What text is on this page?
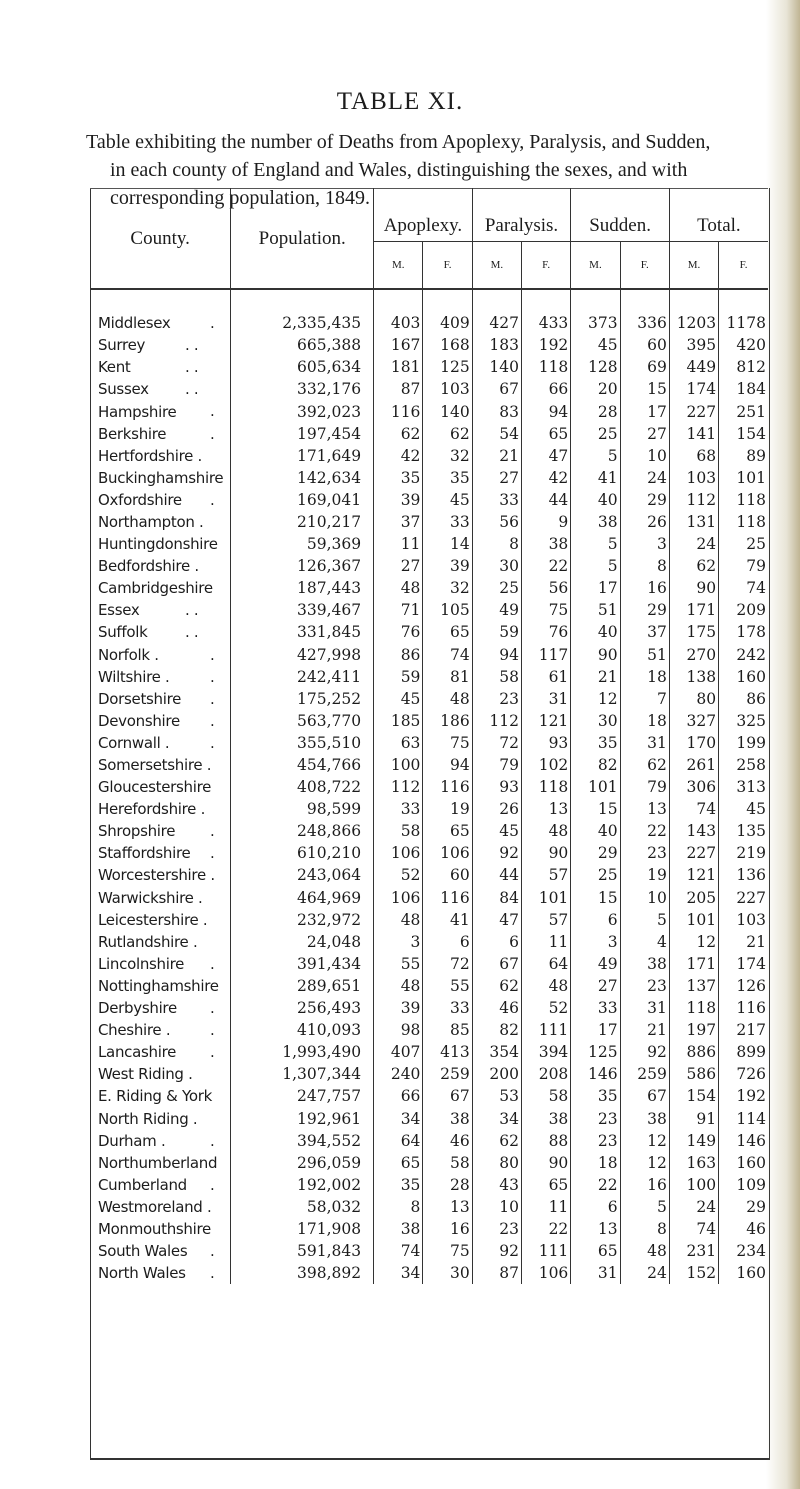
TABLE XI.
Table exhibiting the number of Deaths from Apoplexy, Paralysis, and Sudden,
in each county of England and Wales, distinguishing the sexes, and with
corresponding population, 1849.
County.	Population.	Apoplexy.		Paralysis.		Sudden.		Total.	
		M.	F.	M.	F.	M.	F.	M.	F.

Middlesex .	2,335,435	403	409	427	433	373	336	1203	1178
Surrey . .	665,388	167	168	183	192	45	60	395	420
Kent . .	605,634	181	125	140	118	128	69	449	812
Sussex . .	332,176	87	103	67	66	20	15	174	184
Hampshire .	392,023	116	140	83	94	28	17	227	251
Berkshire .	197,454	62	62	54	65	25	27	141	154
Hertfordshire .	171,649	42	32	21	47	5	10	68	89
Buckinghamshire	142,634	35	35	27	42	41	24	103	101
Oxfordshire .	169,041	39	45	33	44	40	29	112	118
Northampton .	210,217	37	33	56	9	38	26	131	118
Huntingdonshire	59,369	11	14	8	38	5	3	24	25
Bedfordshire .	126,367	27	39	30	22	5	8	62	79
Cambridgeshire	187,443	48	32	25	56	17	16	90	74
Essex . .	339,467	71	105	49	75	51	29	171	209
Suffolk . .	331,845	76	65	59	76	40	37	175	178
Norfolk . .	427,998	86	74	94	117	90	51	270	242
Wiltshire . .	242,411	59	81	58	61	21	18	138	160
Dorsetshire .	175,252	45	48	23	31	12	7	80	86
Devonshire .	563,770	185	186	112	121	30	18	327	325
Cornwall . .	355,510	63	75	72	93	35	31	170	199
Somersetshire .	454,766	100	94	79	102	82	62	261	258
Gloucestershire	408,722	112	116	93	118	101	79	306	313
Herefordshire .	98,599	33	19	26	13	15	13	74	45
Shropshire .	248,866	58	65	45	48	40	22	143	135
Staffordshire .	610,210	106	106	92	90	29	23	227	219
Worcestershire .	243,064	52	60	44	57	25	19	121	136
Warwickshire .	464,969	106	116	84	101	15	10	205	227
Leicestershire .	232,972	48	41	47	57	6	5	101	103
Rutlandshire .	24,048	3	6	6	11	3	4	12	21
Lincolnshire .	391,434	55	72	67	64	49	38	171	174
Nottinghamshire	289,651	48	55	62	48	27	23	137	126
Derbyshire .	256,493	39	33	46	52	33	31	118	116
Cheshire . .	410,093	98	85	82	111	17	21	197	217
Lancashire .	1,993,490	407	413	354	394	125	92	886	899
West Riding .	1,307,344	240	259	200	208	146	259	586	726
E. Riding & York	247,757	66	67	53	58	35	67	154	192
North Riding .	192,961	34	38	34	38	23	38	91	114
Durham . .	394,552	64	46	62	88	23	12	149	146
Northumberland	296,059	65	58	80	90	18	12	163	160
Cumberland .	192,002	35	28	43	65	22	16	100	109
Westmoreland .	58,032	8	13	10	11	6	5	24	29
Monmouthshire	171,908	38	16	23	22	13	8	74	46
South Wales .	591,843	74	75	92	111	65	48	231	234
North Wales .	398,892	34	30	87	106	31	24	152	160
